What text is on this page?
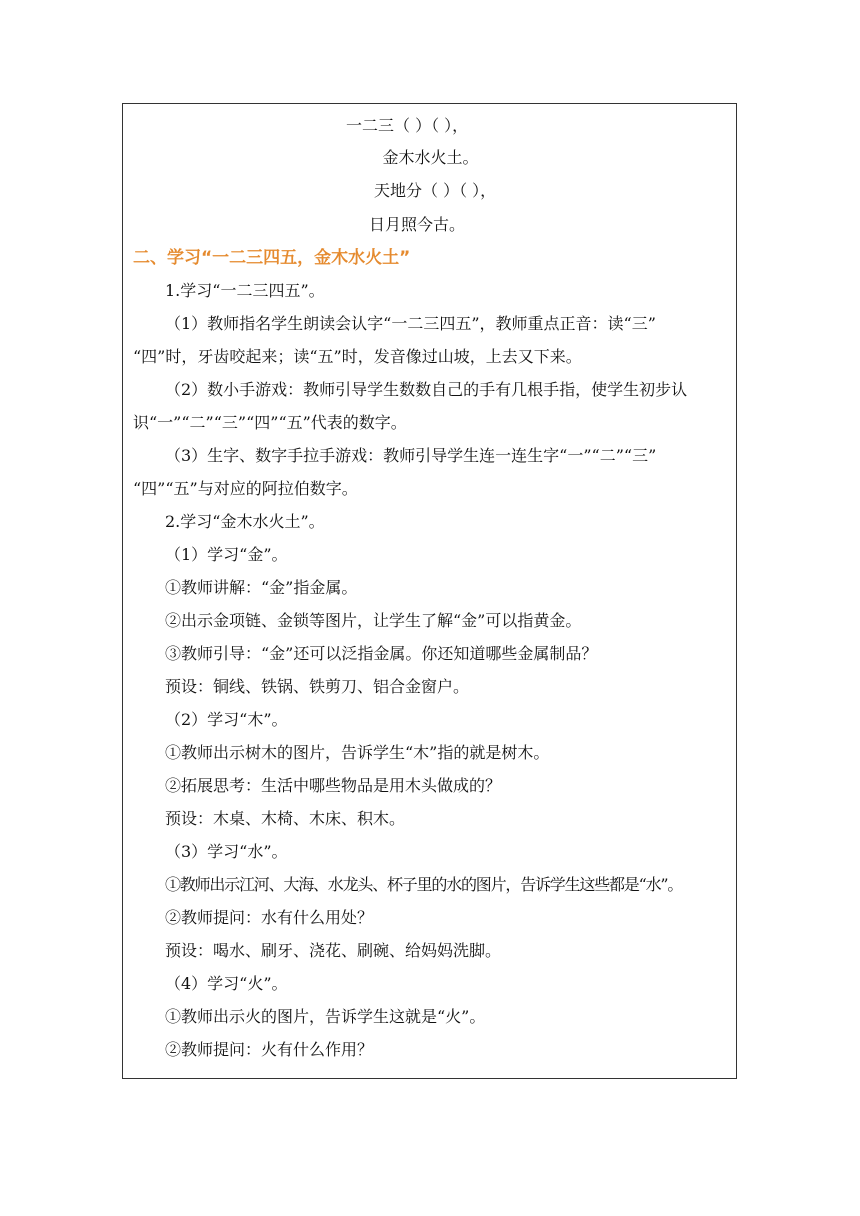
一二三（ ）（ ），
金木水火土。
天地分（ ）（ ），
日月照今古。
二、学习“一二三四五，金木水火土”
1.学习“一二三四五”。
（1）教师指名学生朗读会认字“一二三四五”，教师重点正音：读“三”
“四”时，牙齿咬起来；读“五”时，发音像过山坡，上去又下来。
（2）数小手游戏：教师引导学生数数自己的手有几根手指，使学生初步认
识“一”“二”“三”“四”“五”代表的数字。
（3）生字、数字手拉手游戏：教师引导学生连一连生字“一”“二”“三”
“四”“五”与对应的阿拉伯数字。
2.学习“金木水火土”。
（1）学习“金”。
①教师讲解：“金”指金属。
②出示金项链、金锁等图片，让学生了解“金”可以指黄金。
③教师引导：“金”还可以泛指金属。你还知道哪些金属制品？
预设：铜线、铁锅、铁剪刀、铝合金窗户。
（2）学习“木”。
①教师出示树木的图片，告诉学生“木”指的就是树木。
②拓展思考：生活中哪些物品是用木头做成的？
预设：木桌、木椅、木床、积木。
（3）学习“水”。
①教师出示江河、大海、水龙头、杯子里的水的图片，告诉学生这些都是“水”。
②教师提问：水有什么用处？
预设：喝水、刷牙、浇花、刷碗、给妈妈洗脚。
（4）学习“火”。
①教师出示火的图片，告诉学生这就是“火”。
②教师提问：火有什么作用？
